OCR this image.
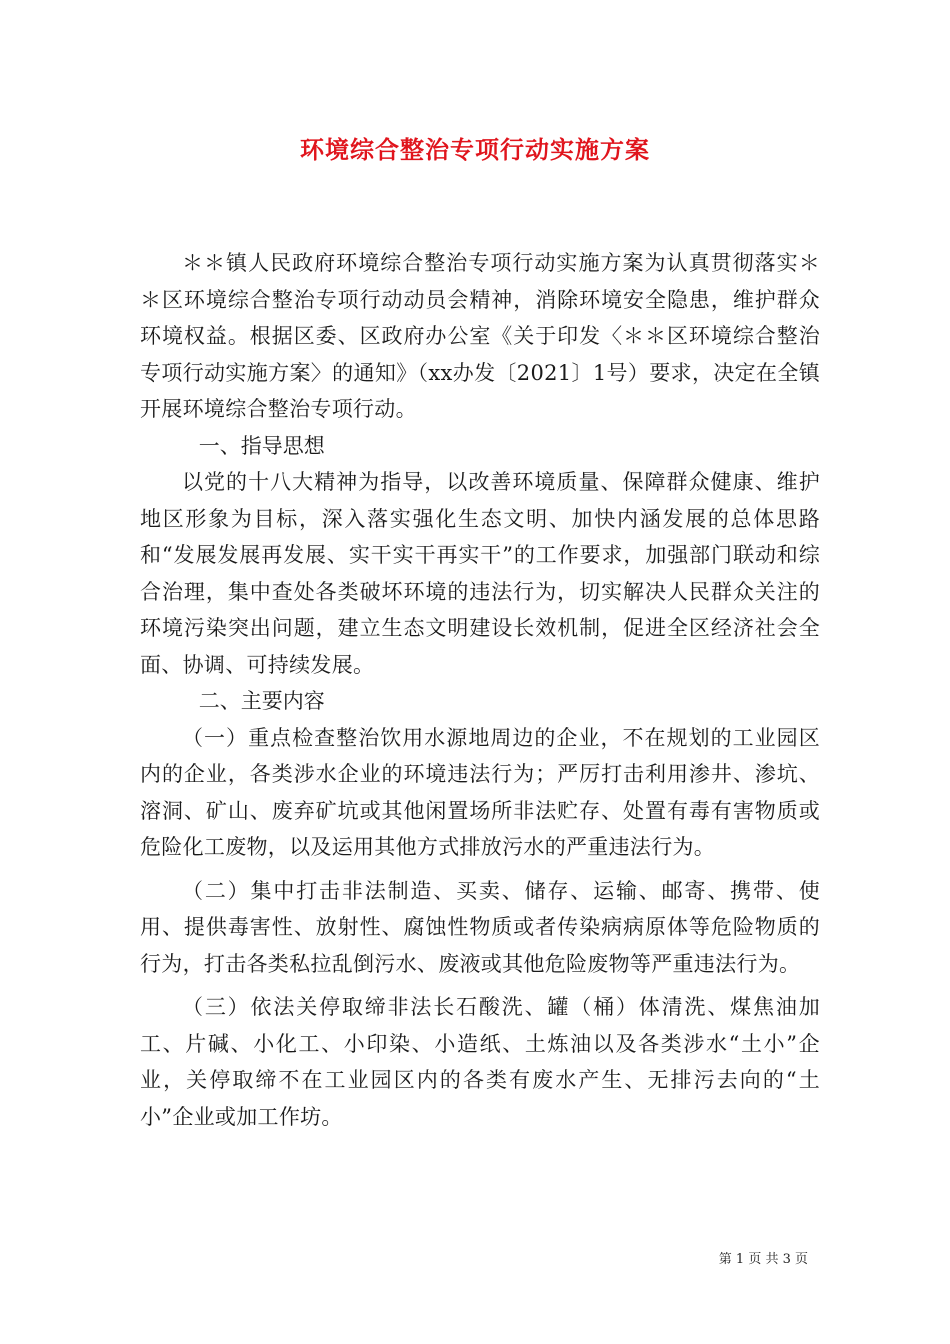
环境综合整治专项行动实施方案

＊＊镇人民政府环境综合整治专项行动实施方案为认真贯彻落实＊＊区环境综合整治专项行动动员会精神，消除环境安全隐患，维护群众环境权益。根据区委、区政府办公室《关于印发〈＊＊区环境综合整治专项行动实施方案〉的通知》（xx办发〔2021〕1号）要求，决定在全镇开展环境综合整治专项行动。

一、指导思想

以党的十八大精神为指导，以改善环境质量、保障群众健康、维护地区形象为目标，深入落实强化生态文明、加快内涵发展的总体思路和“发展发展再发展、实干实干再实干”的工作要求，加强部门联动和综合治理，集中查处各类破坏环境的违法行为，切实解决人民群众关注的环境污染突出问题，建立生态文明建设长效机制，促进全区经济社会全面、协调、可持续发展。

二、主要内容

（一）重点检查整治饮用水源地周边的企业，不在规划的工业园区内的企业，各类涉水企业的环境违法行为；严厉打击利用渗井、渗坑、溶洞、矿山、废弃矿坑或其他闲置场所非法贮存、处置有毒有害物质或危险化工废物，以及运用其他方式排放污水的严重违法行为。

（二）集中打击非法制造、买卖、储存、运输、邮寄、携带、使用、提供毒害性、放射性、腐蚀性物质或者传染病病原体等危险物质的行为，打击各类私拉乱倒污水、废液或其他危险废物等严重违法行为。

（三）依法关停取缔非法长石酸洗、罐（桶）体清洗、煤焦油加工、片碱、小化工、小印染、小造纸、土炼油以及各类涉水“土小”企业，关停取缔不在工业园区内的各类有废水产生、无排污去向的“土小”企业或加工作坊。

第 1 页 共 3 页
